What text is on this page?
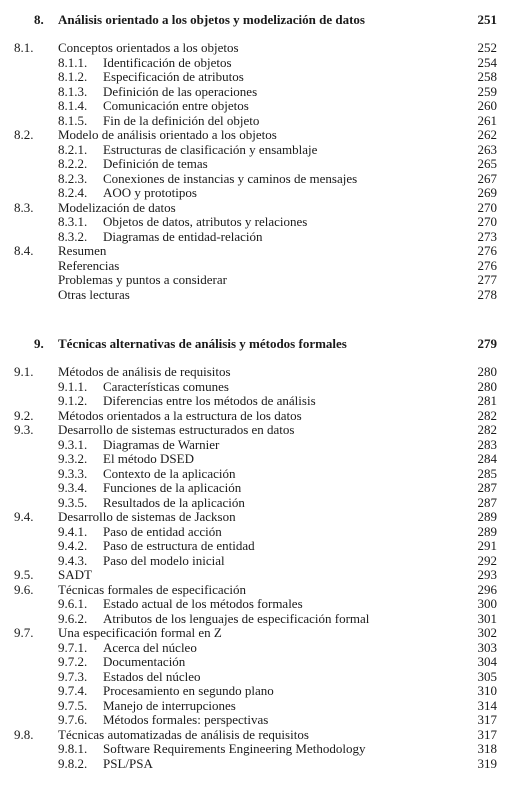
8. Análisis orientado a los objetos y modelización de datos	251
8.1. Conceptos orientados a los objetos	252
8.1.1. Identificación de objetos	254
8.1.2. Especificación de atributos	258
8.1.3. Definición de las operaciones	259
8.1.4. Comunicación entre objetos	260
8.1.5. Fin de la definición del objeto	261
8.2. Modelo de análisis orientado a los objetos	262
8.2.1. Estructuras de clasificación y ensamblaje	263
8.2.2. Definición de temas	265
8.2.3. Conexiones de instancias y caminos de mensajes	267
8.2.4. AOO y prototipos	269
8.3. Modelización de datos	270
8.3.1. Objetos de datos, atributos y relaciones	270
8.3.2. Diagramas de entidad-relación	273
8.4. Resumen	276
Referencias	276
Problemas y puntos a considerar	277
Otras lecturas	278
9. Técnicas alternativas de análisis y métodos formales	279
9.1. Métodos de análisis de requisitos	280
9.1.1. Características comunes	280
9.1.2. Diferencias entre los métodos de análisis	281
9.2. Métodos orientados a la estructura de los datos	282
9.3. Desarrollo de sistemas estructurados en datos	282
9.3.1. Diagramas de Warnier	283
9.3.2. El método DSED	284
9.3.3. Contexto de la aplicación	285
9.3.4. Funciones de la aplicación	287
9.3.5. Resultados de la aplicación	287
9.4. Desarrollo de sistemas de Jackson	289
9.4.1. Paso de entidad acción	289
9.4.2. Paso de estructura de entidad	291
9.4.3. Paso del modelo inicial	292
9.5. SADT	293
9.6. Técnicas formales de especificación	296
9.6.1. Estado actual de los métodos formales	300
9.6.2. Atributos de los lenguajes de especificación formal	301
9.7. Una especificación formal en Z	302
9.7.1. Acerca del núcleo	303
9.7.2. Documentación	304
9.7.3. Estados del núcleo	305
9.7.4. Procesamiento en segundo plano	310
9.7.5. Manejo de interrupciones	314
9.7.6. Métodos formales: perspectivas	317
9.8. Técnicas automatizadas de análisis de requisitos	317
9.8.1. Software Requirements Engineering Methodology	318
9.8.2. PSL/PSA	319
